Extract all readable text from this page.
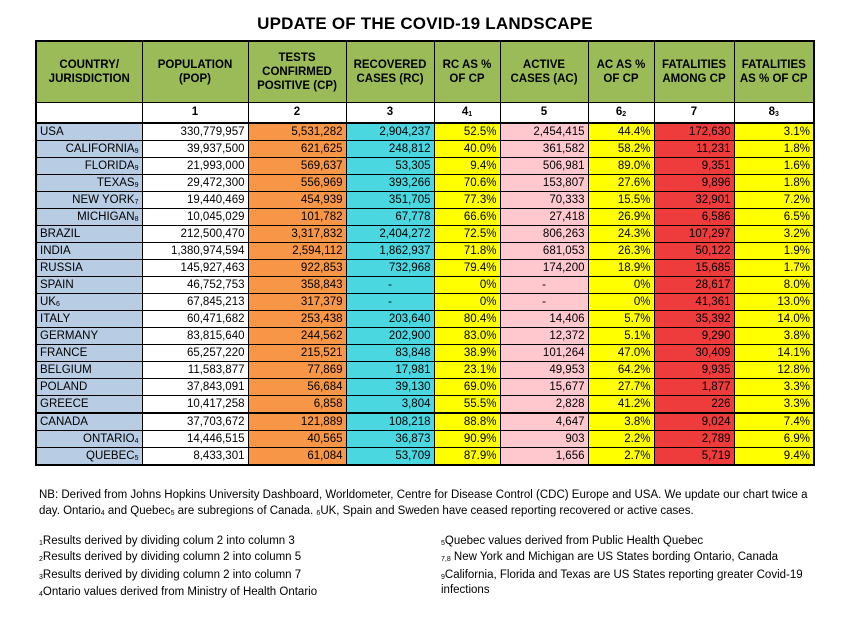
UPDATE OF THE COVID-19 LANDSCAPE
COUNTRY/ JURISDICTION	POPULATION (POP)	TESTS CONFIRMED POSITIVE (CP)	RECOVERED CASES (RC)	RC AS % OF CP	ACTIVE CASES (AC)	AC AS % OF CP	FATALITIES AMONG CP	FATALITIES AS % OF CP
	1	2	3	$4_1$	5	$6_2$	7	$8_3$
USA	330,779,957	5,531,282	2,904,237	52.5%	2,454,415	44.4%	172,630	3.1%
$CALIFORNIA_9$	39,937,500	621,625	248,812	40.0%	361,582	58.2%	11,231	1.8%
$FLORIDA_9$	21,993,000	569,637	53,305	9.4%	506,981	89.0%	9,351	1.6%
$TEXAS_9$	29,472,300	556,969	393,266	70.6%	153,807	27.6%	9,896	1.8%
NEW $YORK_7$	19,440,469	454,939	351,705	77.3%	70,333	15.5%	32,901	7.2%
$MICHIGAN_8$	10,045,029	101,782	67,778	66.6%	27,418	26.9%	6,586	6.5%
BRAZIL	212,500,470	3,317,832	2,404,272	72.5%	806,263	24.3%	107,297	3.2%
INDIA	1,380,974,594	2,594,112	1,862,937	71.8%	681,053	26.3%	50,122	1.9%
RUSSIA	145,927,463	922,853	732,968	79.4%	174,200	18.9%	15,685	1.7%
SPAIN	46,752,753	358,843	-	0%	-	0%	28,617	8.0%
$UK_6$	67,845,213	317,379	-	0%	-	0%	41,361	13.0%
ITALY	60,471,682	253,438	203,640	80.4%	14,406	5.7%	35,392	14.0%
GERMANY	83,815,640	244,562	202,900	83.0%	12,372	5.1%	9,290	3.8%
FRANCE	65,257,220	215,521	83,848	38.9%	101,264	47.0%	30,409	14.1%
BELGIUM	11,583,877	77,869	17,981	23.1%	49,953	64.2%	9,935	12.8%
POLAND	37,843,091	56,684	39,130	69.0%	15,677	27.7%	1,877	3.3%
GREECE	10,417,258	6,858	3,804	55.5%	2,828	41.2%	226	3.3%
CANADA	37,703,672	121,889	108,218	88.8%	4,647	3.8%	9,024	7.4%
$ONTARIO_4$	14,446,515	40,565	36,873	90.9%	903	2.2%	2,789	6.9%
$QUEBEC_5$	8,433,301	61,084	53,709	87.9%	1,656	2.7%	5,719	9.4%
NB: Derived from Johns Hopkins University Dashboard, Worldometer, Centre for Disease Control (CDC) Europe and USA. We update our chart twice a day. Ontario$_4$ and Quebec$_5$ are subregions of Canada. $_6$UK, Spain and Sweden have ceased reporting recovered or active cases.
$_1$Results derived by dividing colum 2 into column 3
$_2$Results derived by dividing column 2 into column 5
$_3$Results derived by dividing column 2 into column 7
$_4$Ontario values derived from Ministry of Health Ontario
$_5$Quebec values derived from Public Health Quebec
$_{7,8}$ New York and Michigan are US States bording Ontario, Canada
$_9$California, Florida and Texas are US States reporting greater Covid-19 infections
